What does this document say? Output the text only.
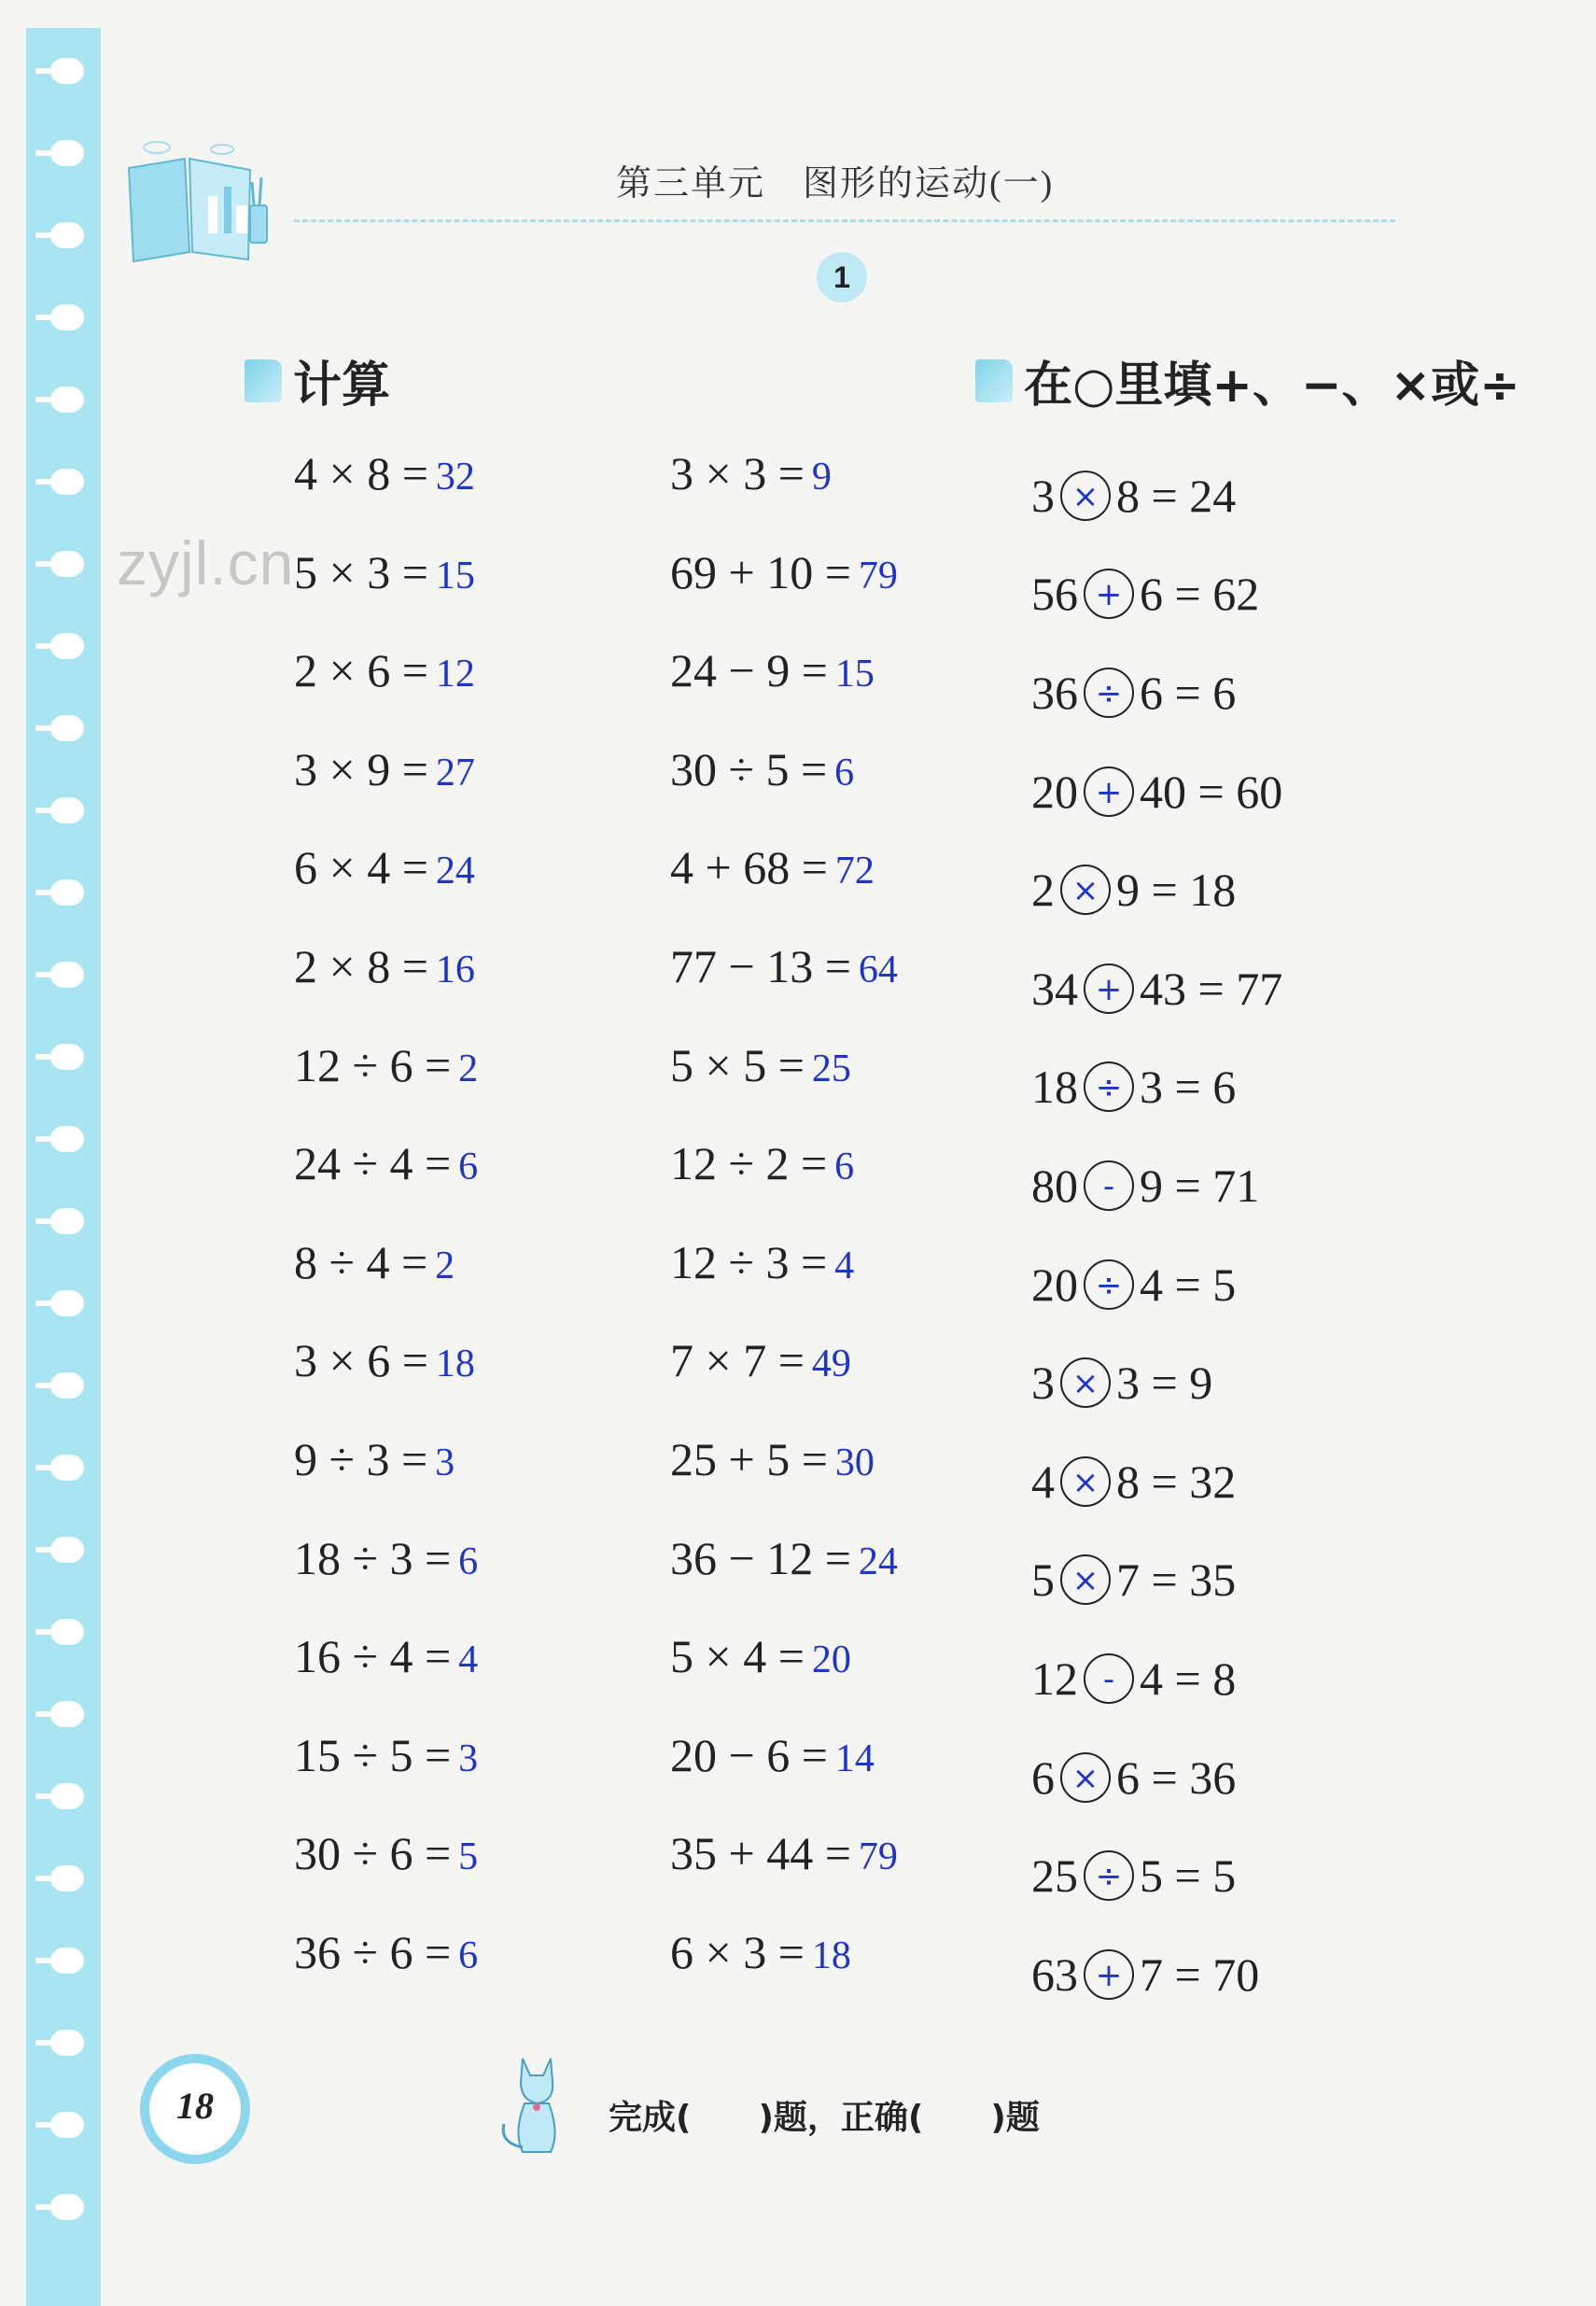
第三单元　图形的运动(一)
1
zyjl.cn
计算	在○里填+、−、×或÷
4 × 8 = 32
5 × 3 = 15
2 × 6 = 12
3 × 9 = 27
6 × 4 = 24
2 × 8 = 16
12 ÷ 6 = 2
24 ÷ 4 = 6
8 ÷ 4 = 2
3 × 6 = 18
9 ÷ 3 = 3
18 ÷ 3 = 6
16 ÷ 4 = 4
15 ÷ 5 = 3
30 ÷ 6 = 5
36 ÷ 6 = 6
3 × 3 = 9
69 + 10 = 79
24 − 9 = 15
30 ÷ 5 = 6
4 + 68 = 72
77 − 13 = 64
5 × 5 = 25
12 ÷ 2 = 6
12 ÷ 3 = 4
7 × 7 = 49
25 + 5 = 30
36 − 12 = 24
5 × 4 = 20
20 − 6 = 14
35 + 44 = 79
6 × 3 = 18
3 × 8 = 24
56 + 6 = 62
36 ÷ 6 = 6
20 + 40 = 60
2 × 9 = 18
34 + 43 = 77
18 ÷ 3 = 6
80 - 9 = 71
20 ÷ 4 = 5
3 × 3 = 9
4 × 8 = 32
5 × 7 = 35
12 - 4 = 8
6 × 6 = 36
25 ÷ 5 = 5
63 + 7 = 70
18	完成(　　)题，正确(　　)题
